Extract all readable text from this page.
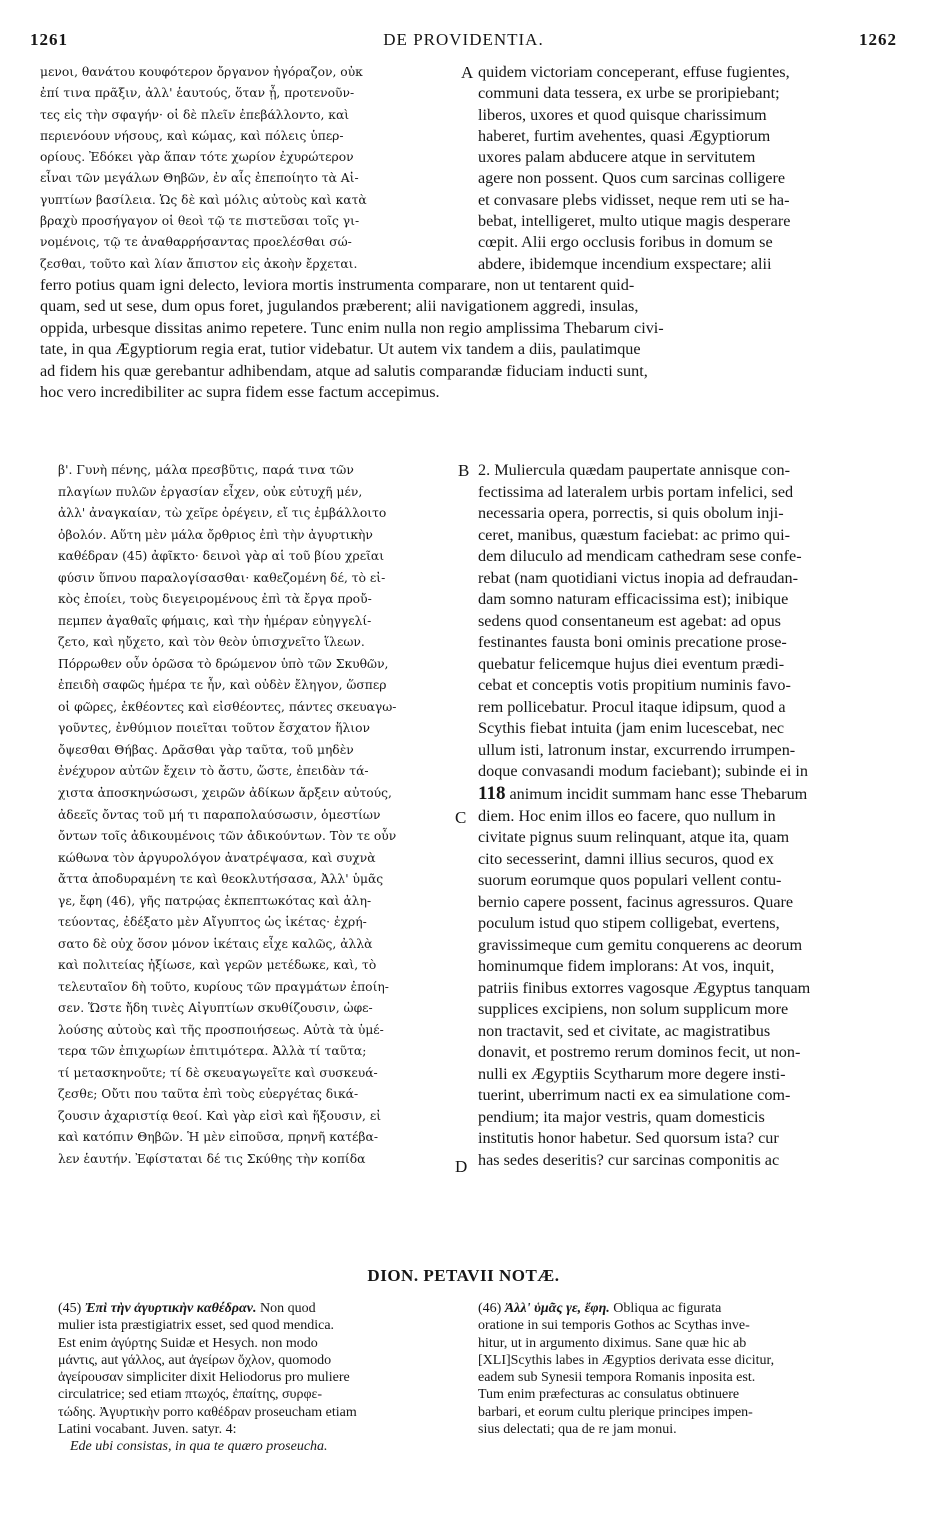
1261	DE PROVIDENTIA.	1262
μενοι, θανάτου κουφότερον ὄργανον ἠγόραζον, οὐκ
ἐπί τινα πρᾶξιν, ἀλλ' ἑαυτούς, ὅταν ᾖ, προτενοῦν-
τες εἰς τὴν σφαγήν· οἱ δὲ πλεῖν ἐπεβάλλοντο, καὶ
περιενόουν νήσους, καὶ κώμας, καὶ πόλεις ὑπερ-
ορίους. Ἐδόκει γὰρ ἅπαν τότε χωρίον ἐχυρώτερον
εἶναι τῶν μεγάλων Θηβῶν, ἐν αἷς ἐπεποίητο τὰ Αἰ-
γυπτίων βασίλεια. Ὡς δὲ καὶ μόλις αὐτοὺς καὶ κατὰ
βραχὺ προσήγαγον οἱ θεοὶ τῷ τε πιστεῦσαι τοῖς γι-
νομένοις, τῷ τε ἀναθαρρήσαντας προελέσθαι σώ-
ζεσθαι, τοῦτο καὶ λίαν ἄπιστον εἰς ἀκοὴν ἔρχεται.
A quidem victoriam conceperant, effuse fugientes,
communi data tessera, ex urbe se proripiebant;
liberos, uxores et quod quisque charissimum
haberet, furtim avehentes, quasi Ægyptiorum
uxores palam abducere atque in servitutem
agere non possent. Quos cum sarcinas colligere
et convasare plebs vidisset, neque rem uti se ha-
bebat, intelligeret, multo utique magis desperare
cœpit. Alii ergo occlusis foribus in domum se
abdere, ibidemque incendium exspectare; alii
ferro potius quam igni delecto, leviora mortis instrumenta comparare, non ut tentarent quid-
quam, sed ut sese, dum opus foret, jugulandos præberent; alii navigationem aggredi, insulas,
oppida, urbesque dissitas animo repetere. Tunc enim nulla non regio amplissima Thebarum civi-
tate, in qua Ægyptiorum regia erat, tutior videbatur. Ut autem vix tandem a diis, paulatimque
ad fidem his quæ gerebantur adhibendam, atque ad salutis comparandæ fiduciam inducti sunt,
hoc vero incredibiliter ac supra fidem esse factum accepimus.
β'. Γυνὴ πένης, μάλα πρεσβῦτις, παρά τινα τῶν
πλαγίων πυλῶν ἐργασίαν εἶχεν, οὐκ εὐτυχῆ μέν,
ἀλλ' ἀναγκαίαν, τὼ χεῖρε ὀρέγειν, εἴ τις ἐμβάλλοιτο
ὀβολόν. Αὕτη μὲν μάλα ὄρθριος ἐπὶ τὴν ἀγυρτικὴν
καθέδραν (45) ἀφῖκτο· δεινοὶ γὰρ αἱ τοῦ βίου χρεῖαι
φύσιν ὕπνου παραλογίσασθαι· καθεζομένη δέ, τὸ εἰ-
κὸς ἐποίει, τοὺς διεγειρομένους ἐπὶ τὰ ἔργα προὔ-
πεμπεν ἀγαθαῖς φήμαις, καὶ τὴν ἡμέραν εὐηγγελί-
ζετο, καὶ ηὔχετο, καὶ τὸν θεὸν ὑπισχνεῖτο ἵλεων.
Πόρρωθεν οὖν ὁρῶσα τὸ δρώμενον ὑπὸ τῶν Σκυθῶν,
ἐπειδὴ σαφῶς ἡμέρα τε ἦν, καὶ οὐδὲν ἔληγον, ὥσπερ
οἱ φῶρες, ἐκθέοντες καὶ εἰσθέοντες, πάντες σκευαγω-
γοῦντες, ἐνθύμιον ποιεῖται τοῦτον ἔσχατον ἥλιον
ὄψεσθαι Θήβας. Δρᾶσθαι γὰρ ταῦτα, τοῦ μηδὲν
ἐνέχυρον αὐτῶν ἔχειν τὸ ἄστυ, ὥστε, ἐπειδὰν τά-
χιστα ἀποσκηνώσωσι, χειρῶν ἀδίκων ἄρξειν αὐτούς,
ἀδεεῖς ὄντας τοῦ μή τι παραπολαύσωσιν, ὁμεστίων
ὄντων τοῖς ἀδικουμένοις τῶν ἀδικούντων. Τὸν τε οὖν
κώθωνα τὸν ἀργυρολόγον ἀνατρέψασα, καὶ συχνὰ
ἄττα ἀποδυραμένη τε καὶ θεοκλυτήσασα, Ἀλλ' ὑμᾶς
γε, ἔφη (46), γῆς πατρῴας ἐκπεπτωκότας καὶ ἀλη-
τεύοντας, ἐδέξατο μὲν Αἴγυπτος ὡς ἱκέτας· ἐχρή-
σατο δὲ οὐχ ὅσον μόνον ἱκέταις εἶχε καλῶς, ἀλλὰ
καὶ πολιτείας ἠξίωσε, καὶ γερῶν μετέδωκε, καὶ, τὸ
τελευταῖον δὴ τοῦτο, κυρίους τῶν πραγμάτων ἐποίη-
σεν. Ὥστε ἤδη τινὲς Αἰγυπτίων σκυθίζουσιν, ὠφε-
λούσης αὐτοὺς καὶ τῆς προσποιήσεως. Αὐτὰ τὰ ὑμέ-
τερα τῶν ἐπιχωρίων ἐπιτιμότερα. Ἀλλὰ τί ταῦτα;
τί μετασκηνοῦτε; τί δὲ σκευαγωγεῖτε καὶ συσκευά-
ζεσθε; Οὔτι που ταῦτα ἐπὶ τοὺς εὐεργέτας δικά-
ζουσιν ἀχαριστίᾳ θεοί. Καὶ γὰρ εἰσὶ καὶ ἥξουσιν, εἰ
καὶ κατόπιν Θηβῶν. Ἡ μὲν εἰποῦσα, πρηνῆ κατέβα-
λεν ἑαυτήν. Ἐφίσταται δέ τις Σκύθης τὴν κοπίδα
B
C
D
2. Muliercula quædam paupertate annisque con-
fectissima ad lateralem urbis portam infelici, sed
necessaria opera, porrectis, si quis obolum inji-
ceret, manibus, quæstum faciebat: ac primo qui-
dem diluculo ad mendicam cathedram sese confe-
rebat (nam quotidiani victus inopia ad defraudan-
dam somno naturam efficacissima est); inibique
sedens quod consentaneum est agebat: ad opus
festinantes fausta boni ominis precatione prose-
quebatur felicemque hujus diei eventum prædi-
cebat et conceptis votis propitium numinis favo-
rem pollicebatur. Procul itaque idipsum, quod a
Scythis fiebat intuita (jam enim lucescebat, nec
ullum isti, latronum instar, excurrendo irrumpen-
doque convasandi modum faciebant); subinde ei in
118 animum incidit summam hanc esse Thebarum
diem. Hoc enim illos eo facere, quo nullum in
civitate pignus suum relinquant, atque ita, quam
cito secesserint, damni illius securos, quod ex
suorum eorumque quos populari vellent contu-
bernio capere possent, facinus agressuros. Quare
poculum istud quo stipem colligebat, evertens,
gravissimeque cum gemitu conquerens ac deorum
hominumque fidem implorans: At vos, inquit,
patriis finibus extorres vagosque Ægyptus tanquam
supplices excipiens, non solum supplicum more
non tractavit, sed et civitate, ac magistratibus
donavit, et postremo rerum dominos fecit, ut non-
nulli ex Ægyptiis Scytharum more degere insti-
tuerint, uberrimum nacti ex ea simulatione com-
pendium; ita major vestris, quam domesticis
institutis honor habetur. Sed quorsum ista? cur
has sedes deseritis? cur sarcinas componitis ac
DION. PETAVII NOTÆ.
(45) Ἐπὶ τὴν ἀγυρτικὴν καθέδραν. Non quod
mulier ista præstigiatrix esset, sed quod mendica.
Est enim ἀγύρτης Suidæ et Hesych. non modo
μάντις, aut γάλλος, aut ἀγείρων ὄχλον, quomodo
ἀγείρουσαν simpliciter dixit Heliodorus pro muliere
circulatrice; sed etiam πτωχός, ἐπαίτης, συρφε-
τώδης. Ἀγυρτικὴν porro καθέδραν proseucham etiam
Latini vocabant. Juven. satyr. 4:
Ede ubi consistas, in qua te quæro proseucha.
(46) Ἀλλ' ὑμᾶς γε, ἔφη. Obliqua ac figurata
oratione in sui temporis Gothos ac Scythas inve-
hitur, ut in argumento diximus. Sane quæ hic ab
[XLI]Scythis labes in Ægyptios derivata esse dicitur,
eadem sub Synesii tempora Romanis inposita est.
Tum enim præfecturas ac consulatus obtinuere
barbari, et eorum cultu plerique principes impen-
sius delectati; qua de re jam monui.
